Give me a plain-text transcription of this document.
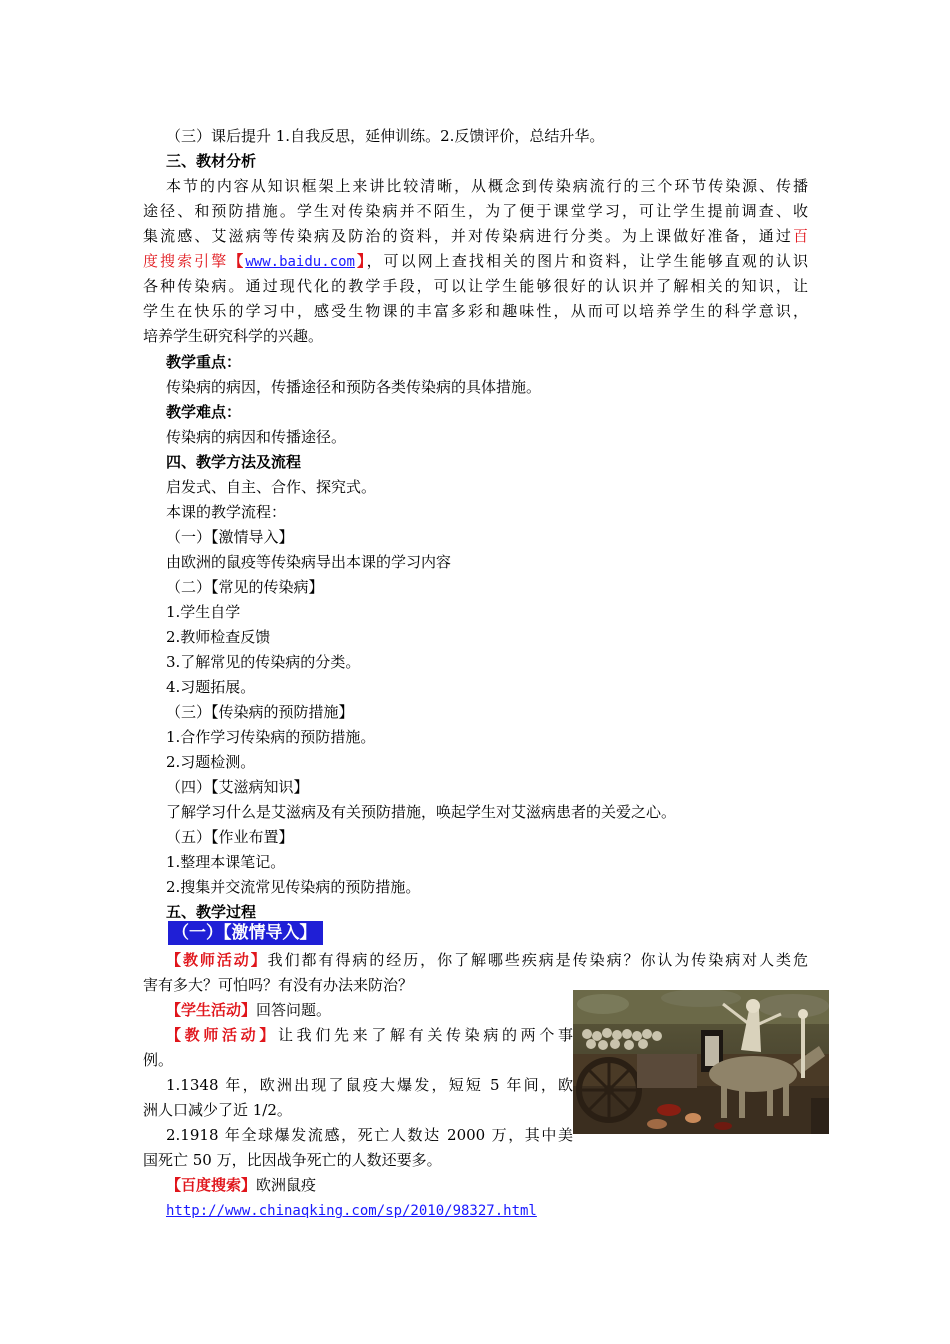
（三）课后提升 1.自我反思，延伸训练。2.反馈评价，总结升华。
三、教材分析
本节的内容从知识框架上来讲比较清晰，从概念到传染病流行的三个环节传染源、传播
途径、和预防措施。学生对传染病并不陌生，为了便于课堂学习，可让学生提前调查、收
集流感、艾滋病等传染病及防治的资料，并对传染病进行分类。为上课做好准备，通过百
度搜索引擎【www.baidu.com】，可以网上查找相关的图片和资料，让学生能够直观的认识
各种传染病。通过现代化的教学手段，可以让学生能够很好的认识并了解相关的知识，让
学生在快乐的学习中，感受生物课的丰富多彩和趣味性，从而可以培养学生的科学意识，
培养学生研究科学的兴趣。
教学重点：
传染病的病因，传播途径和预防各类传染病的具体措施。
教学难点：
传染病的病因和传播途径。
四、教学方法及流程
启发式、自主、合作、探究式。
本课的教学流程：
（一）【激情导入】
由欧洲的鼠疫等传染病导出本课的学习内容
（二）【常见的传染病】
1.学生自学
2.教师检查反馈
3.了解常见的传染病的分类。
4.习题拓展。
（三）【传染病的预防措施】
1.合作学习传染病的预防措施。
2.习题检测。
（四）【艾滋病知识】
了解学习什么是艾滋病及有关预防措施，唤起学生对艾滋病患者的关爱之心。
（五）【作业布置】
1.整理本课笔记。
2.搜集并交流常见传染病的预防措施。
五、教学过程
（一）【激情导入】
【教师活动】我们都有得病的经历，你了解哪些疾病是传染病？你认为传染病对人类危
害有多大？可怕吗？有没有办法来防治？
【学生活动】回答问题。
【教师活动】让我们先来了解有关传染病的两个事
例。
1.1348 年，欧洲出现了鼠疫大爆发，短短 5 年间，欧
洲人口减少了近 1/2。
2.1918 年全球爆发流感，死亡人数达 2000 万，其中美
国死亡 50 万，比因战争死亡的人数还要多。
【百度搜索】欧洲鼠疫
http://www.chinaqking.com/sp/2010/98327.html
